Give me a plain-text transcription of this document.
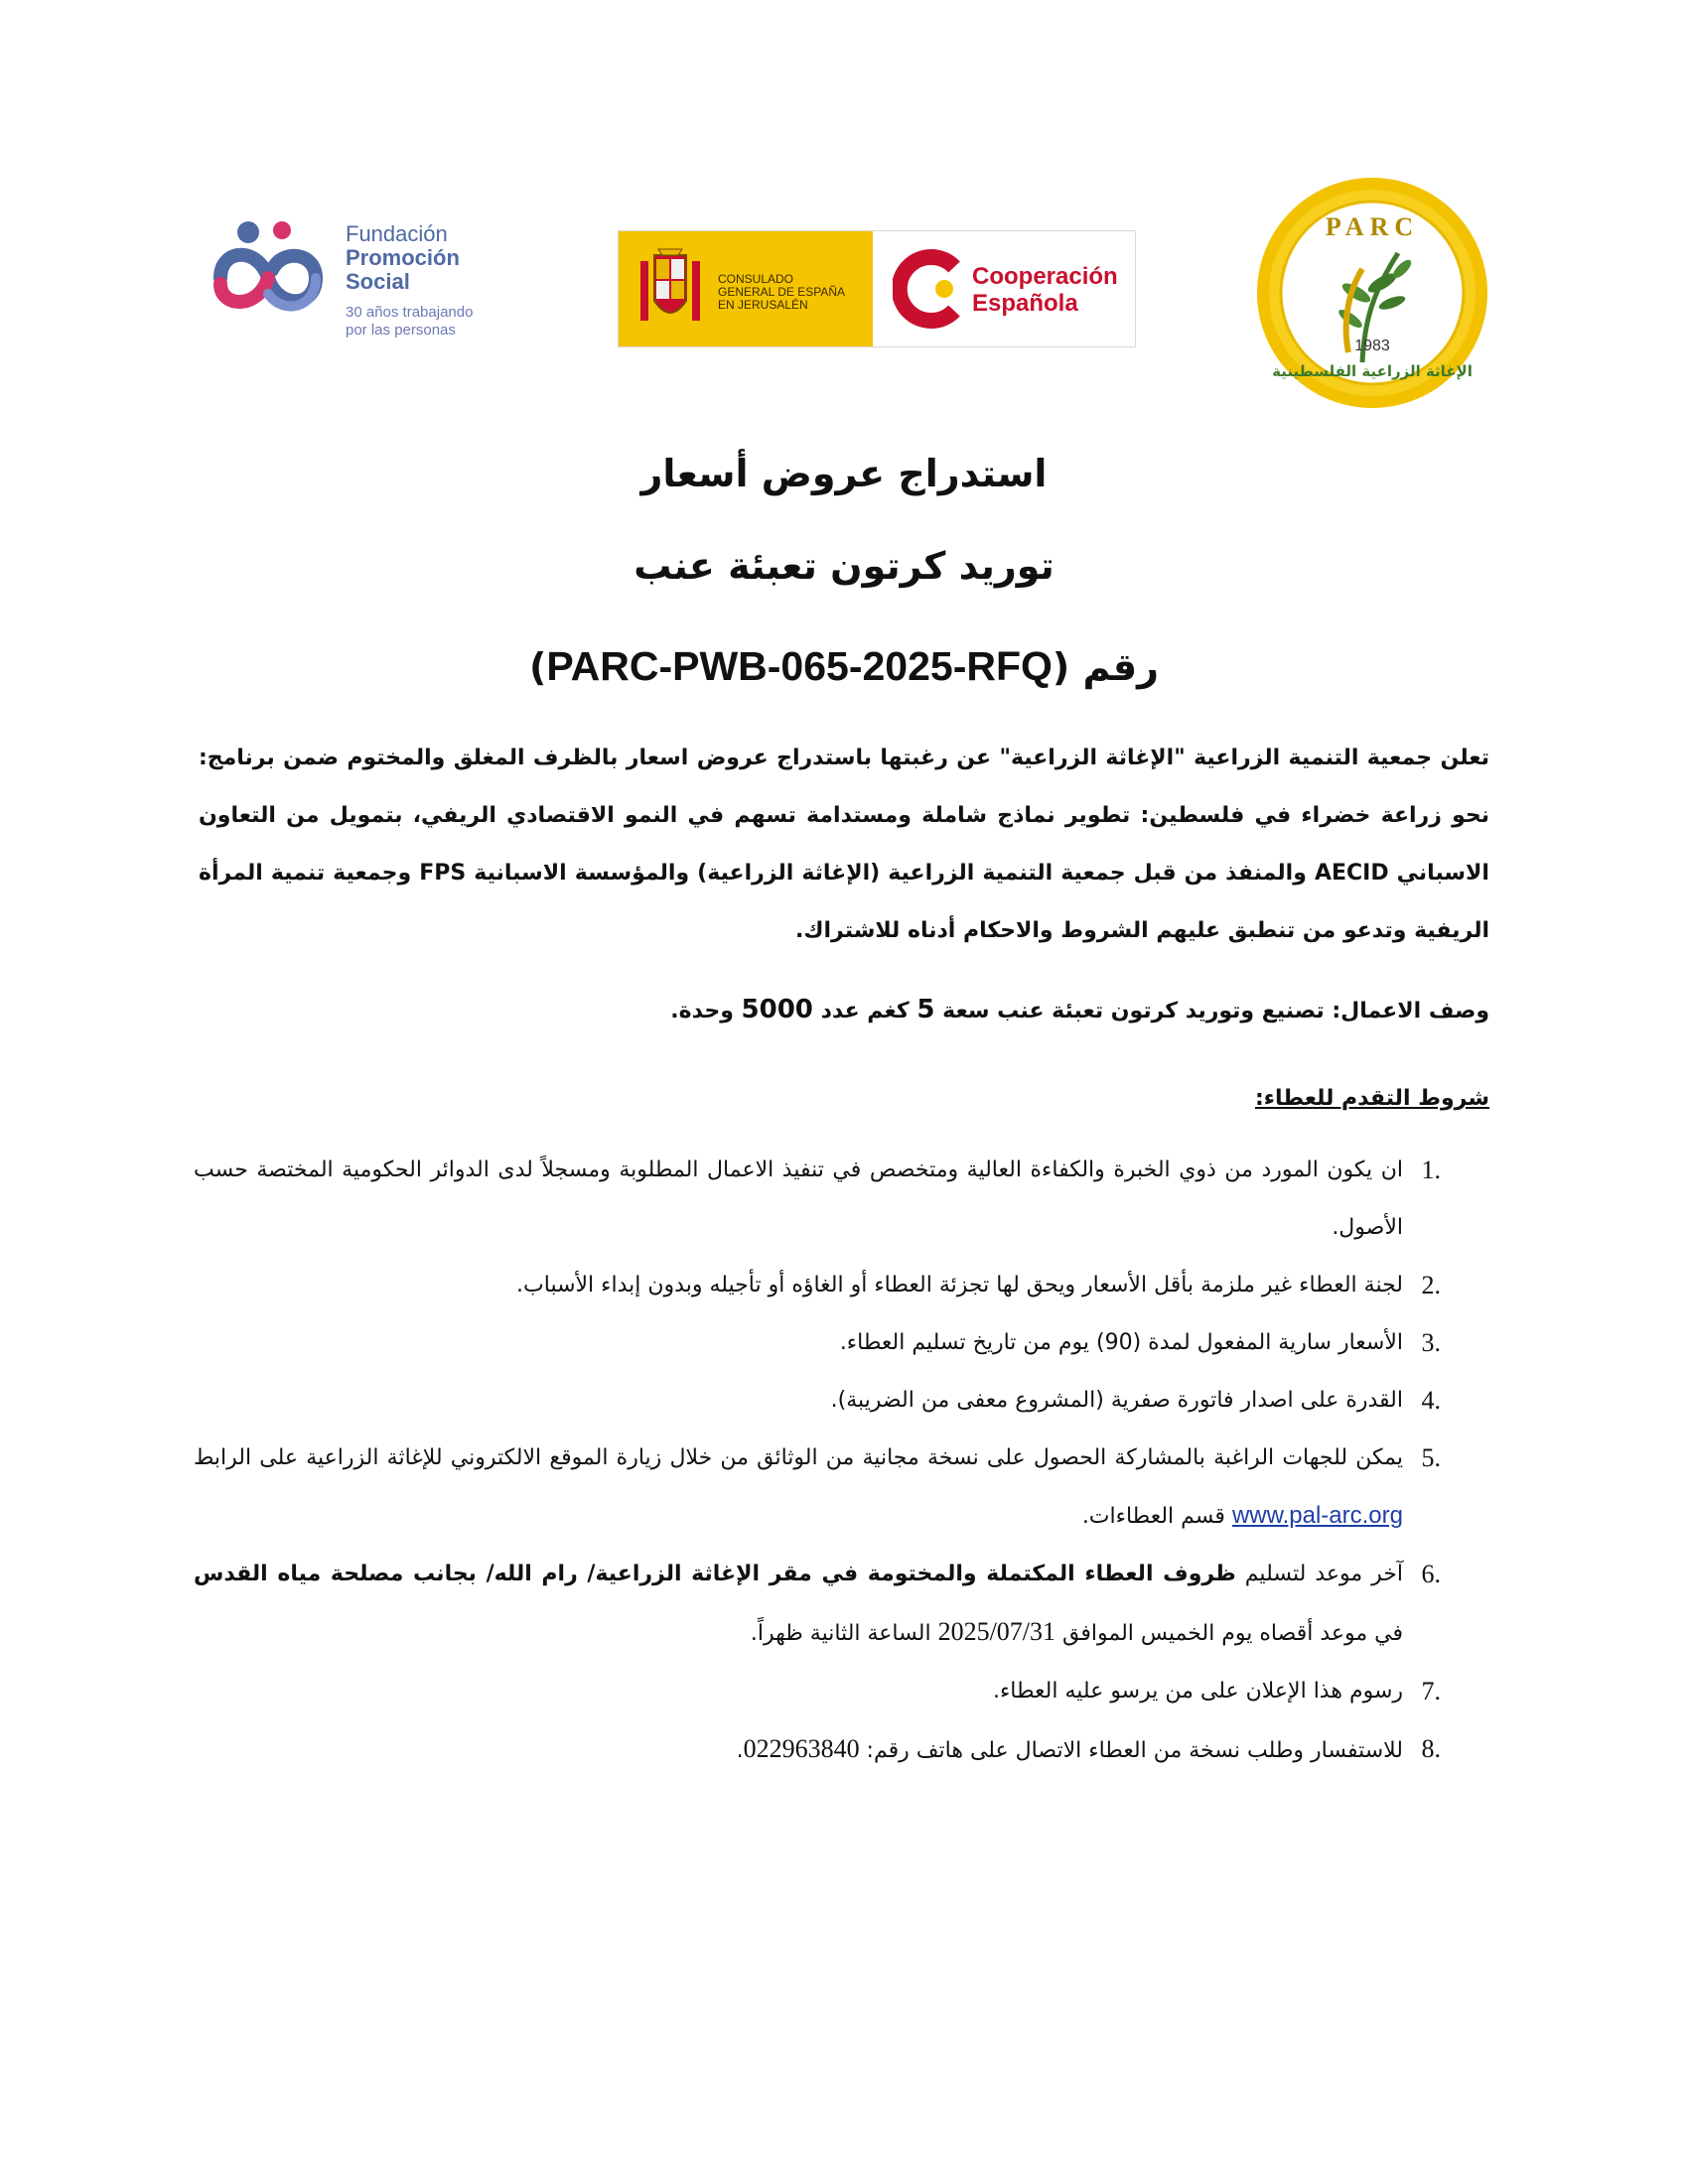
Fundación
Promoción
Social
30 años trabajando
por las personas
CONSULADO
GENERAL DE ESPAÑA
EN JERUSALÉN
Cooperación
Española
PARC
1983
الإغاثة الزراعية الفلسطينية
استدراج عروض أسعار
توريد كرتون تعبئة عنب
رقم (PARC-PWB-065-2025-RFQ)
تعلن جمعية التنمية الزراعية "الإغاثة الزراعية" عن رغبتها باستدراج عروض اسعار بالظرف المغلق والمختوم ضمن برنامج: نحو زراعة خضراء في فلسطين: تطوير نماذج شاملة ومستدامة تسهم في النمو الاقتصادي الريفي، بتمويل من التعاون الاسباني AECID والمنفذ من قبل جمعية التنمية الزراعية (الإغاثة الزراعية) والمؤسسة الاسبانية FPS وجمعية تنمية المرأة الريفية وتدعو من تنطبق عليهم الشروط والاحكام أدناه للاشتراك.
وصف الاعمال: تصنيع وتوريد كرتون تعبئة عنب سعة 5 كغم عدد 5000 وحدة.
شروط التقدم للعطاء:
1.
ان يكون المورد من ذوي الخبرة والكفاءة العالية ومتخصص في تنفيذ الاعمال المطلوبة ومسجلاً لدى الدوائر الحكومية المختصة حسب الأصول.
2.
لجنة العطاء غير ملزمة بأقل الأسعار ويحق لها تجزئة العطاء أو الغاؤه أو تأجيله وبدون إبداء الأسباب.
3.
الأسعار سارية المفعول لمدة (90) يوم من تاريخ تسليم العطاء.
4.
القدرة على اصدار فاتورة صفرية (المشروع معفى من الضريبة).
5.
يمكن للجهات الراغبة بالمشاركة الحصول على نسخة مجانية من الوثائق من خلال زيارة الموقع الالكتروني للإغاثة الزراعية على الرابط www.pal-arc.org قسم العطاءات.
6.
آخر موعد لتسليم ظروف العطاء المكتملة والمختومة في مقر الإغاثة الزراعية/ رام الله/ بجانب مصلحة مياه القدس في موعد أقصاه يوم الخميس الموافق 2025/07/31 الساعة الثانية ظهراً.
7.
رسوم هذا الإعلان على من يرسو عليه العطاء.
8.
للاستفسار وطلب نسخة من العطاء الاتصال على هاتف رقم: 022963840.
